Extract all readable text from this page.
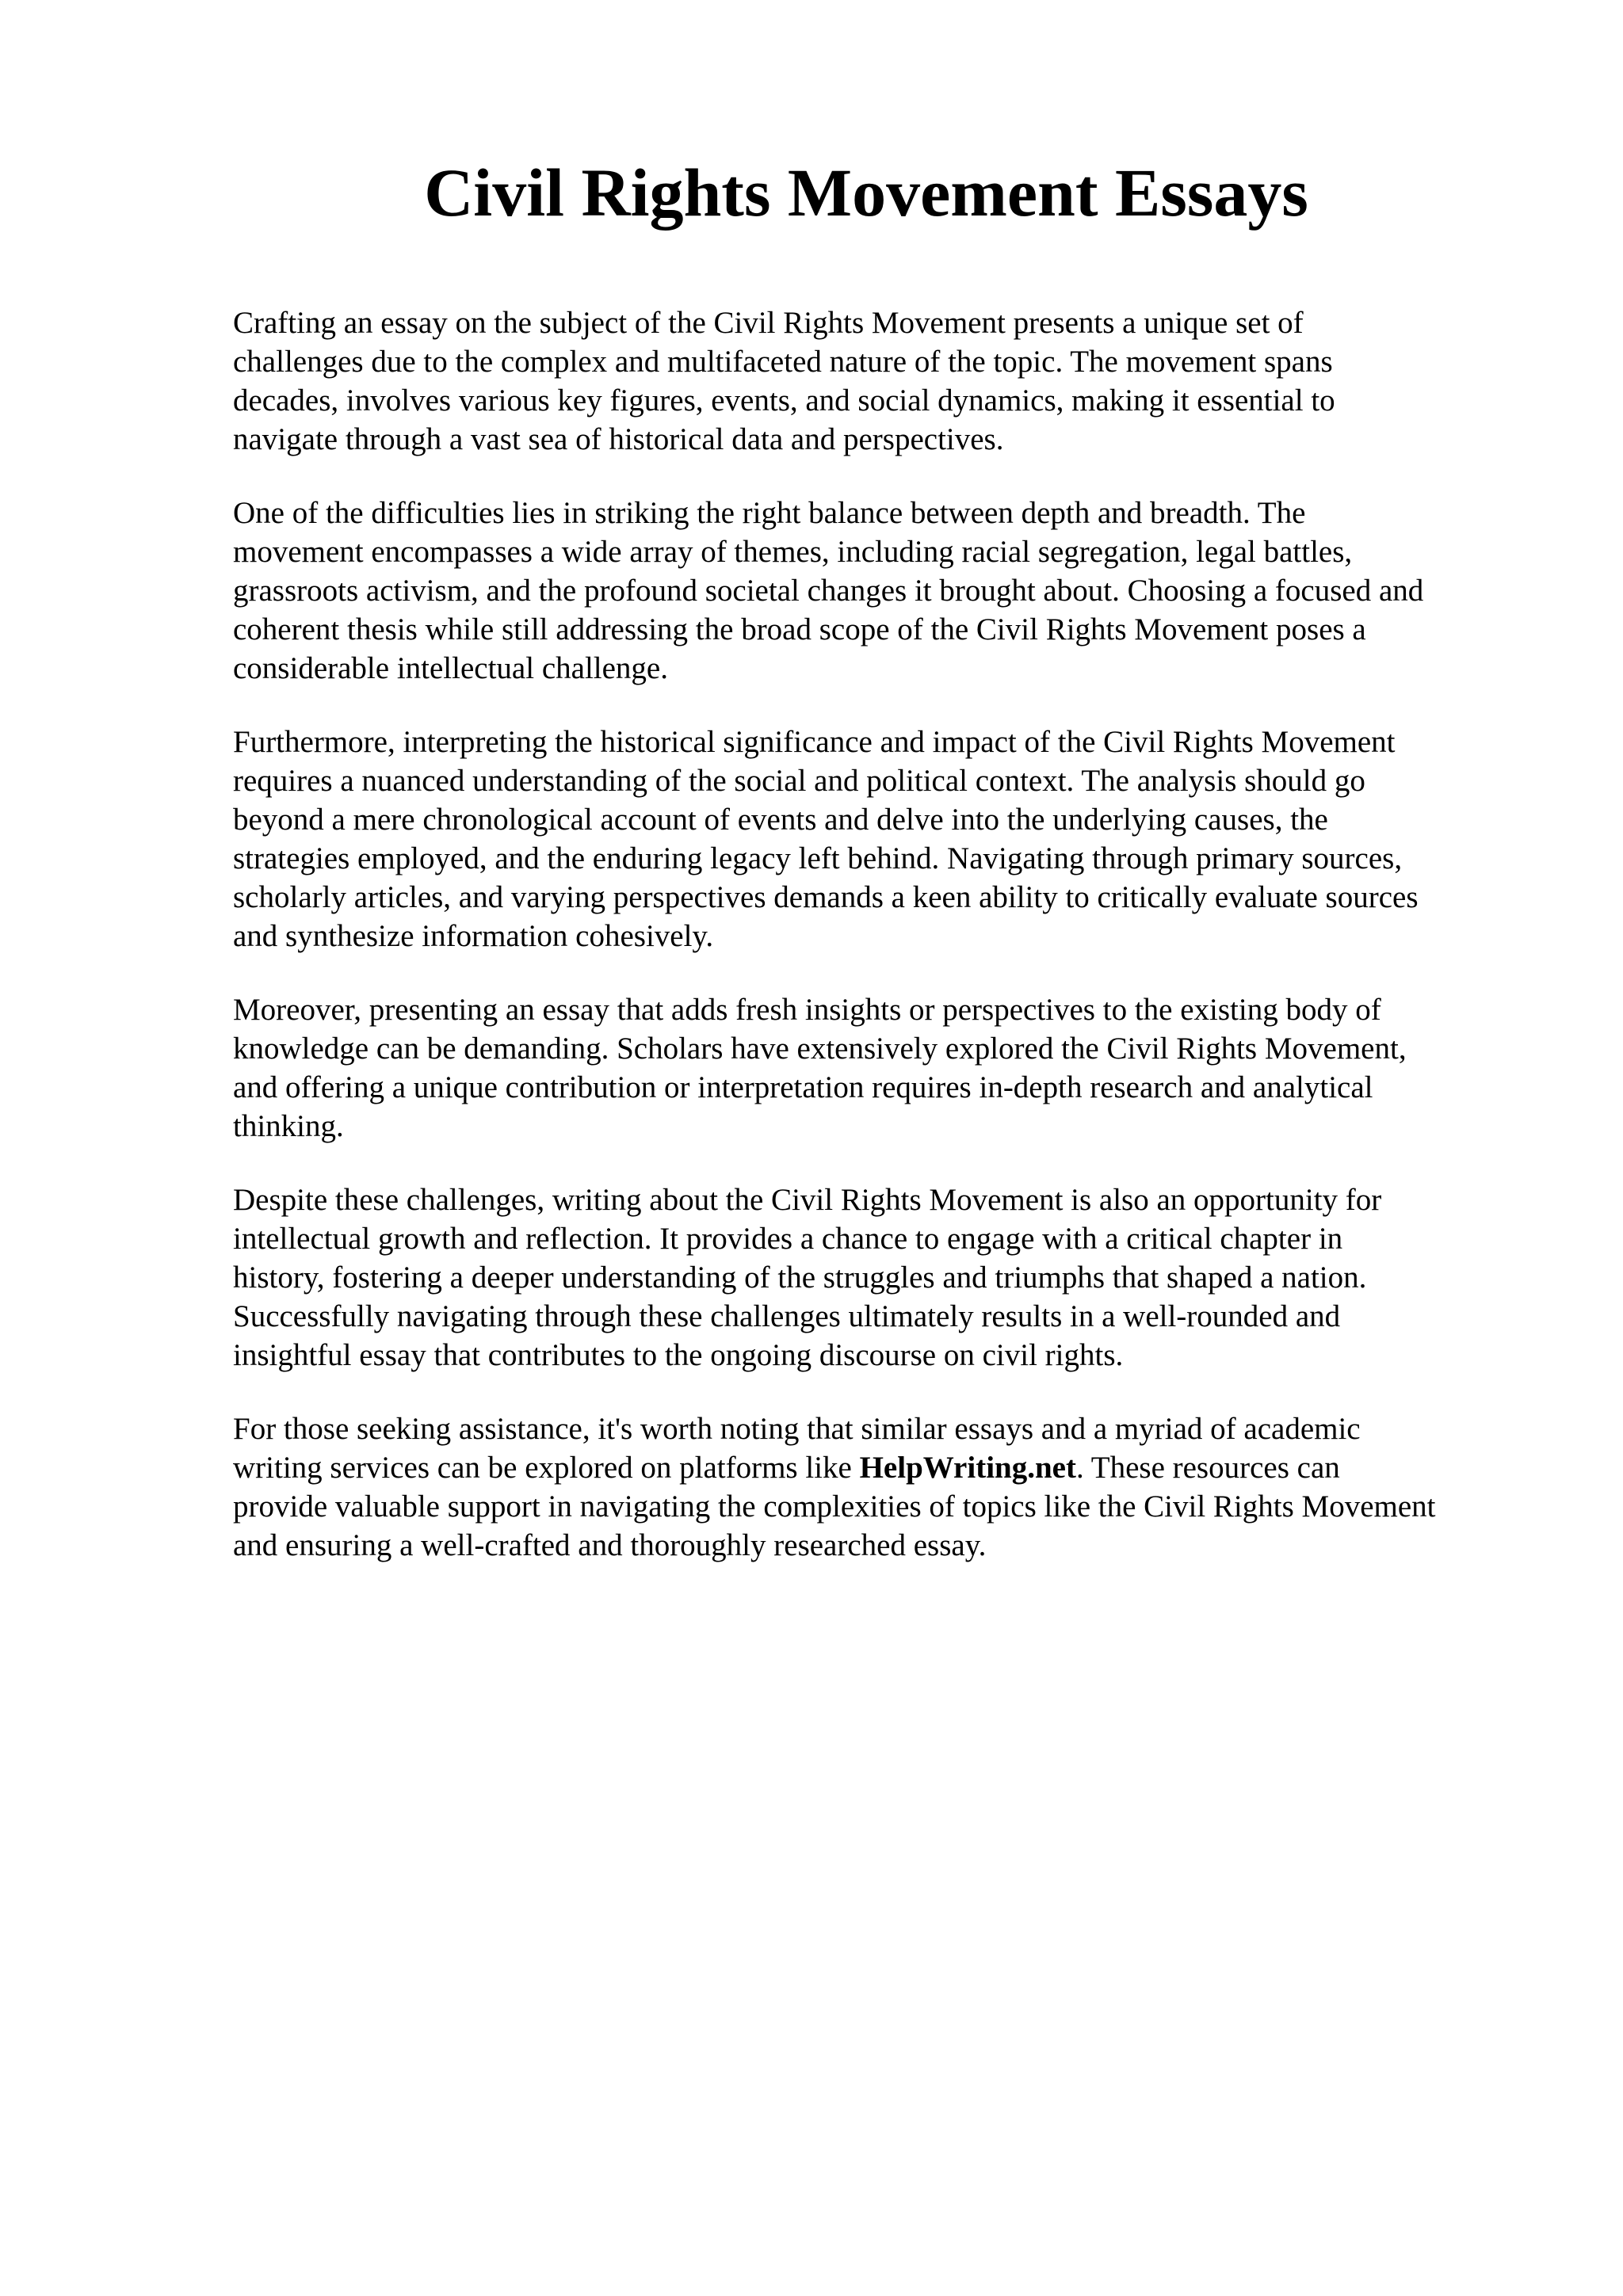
Civil Rights Movement Essays

Crafting an essay on the subject of the Civil Rights Movement presents a unique set of
challenges due to the complex and multifaceted nature of the topic. The movement spans
decades, involves various key figures, events, and social dynamics, making it essential to
navigate through a vast sea of historical data and perspectives.

One of the difficulties lies in striking the right balance between depth and breadth. The
movement encompasses a wide array of themes, including racial segregation, legal battles,
grassroots activism, and the profound societal changes it brought about. Choosing a focused and
coherent thesis while still addressing the broad scope of the Civil Rights Movement poses a
considerable intellectual challenge.

Furthermore, interpreting the historical significance and impact of the Civil Rights Movement
requires a nuanced understanding of the social and political context. The analysis should go
beyond a mere chronological account of events and delve into the underlying causes, the
strategies employed, and the enduring legacy left behind. Navigating through primary sources,
scholarly articles, and varying perspectives demands a keen ability to critically evaluate sources
and synthesize information cohesively.

Moreover, presenting an essay that adds fresh insights or perspectives to the existing body of
knowledge can be demanding. Scholars have extensively explored the Civil Rights Movement,
and offering a unique contribution or interpretation requires in-depth research and analytical
thinking.

Despite these challenges, writing about the Civil Rights Movement is also an opportunity for
intellectual growth and reflection. It provides a chance to engage with a critical chapter in
history, fostering a deeper understanding of the struggles and triumphs that shaped a nation.
Successfully navigating through these challenges ultimately results in a well-rounded and
insightful essay that contributes to the ongoing discourse on civil rights.

For those seeking assistance, it's worth noting that similar essays and a myriad of academic
writing services can be explored on platforms like HelpWriting.net. These resources can
provide valuable support in navigating the complexities of topics like the Civil Rights Movement
and ensuring a well-crafted and thoroughly researched essay.
